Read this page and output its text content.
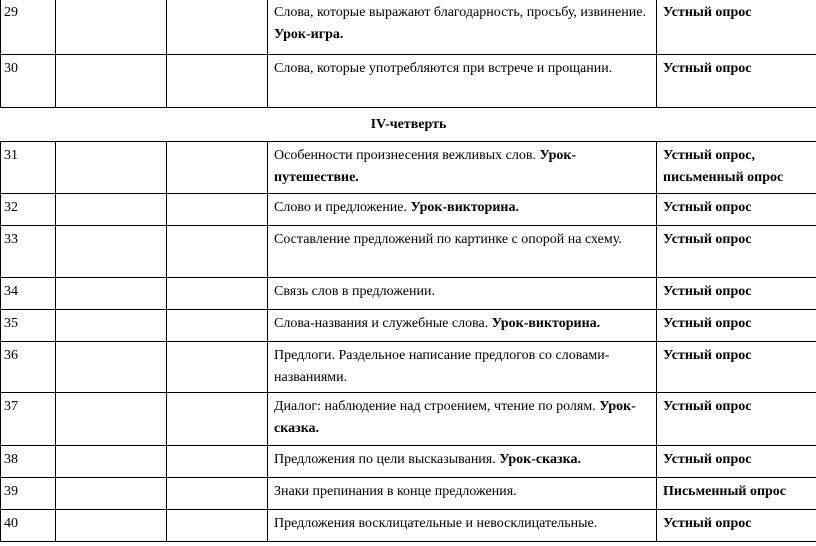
29			Слова, которые выражают благодарность, просьбу, извинение. Урок-игра.	Устный опрос
30			Слова, которые употребляются при встрече и прощании.	Устный опрос
IV-четверть				
31			Особенности произнесения вежливых слов. Урок-путешествие.	Устный опрос, письменный опрос
32			Слово и предложение. Урок-викторина.	Устный опрос
33			Составление предложений по картинке с опорой на схему.	Устный опрос
34			Связь слов в предложении.	Устный опрос
35			Слова-названия и служебные слова. Урок-викторина.	Устный опрос
36			Предлоги. Раздельное написание предлогов со словами-названиями.	Устный опрос
37			Диалог: наблюдение над строением, чтение по ролям. Урок-сказка.	Устный опрос
38			Предложения по цели высказывания. Урок-сказка.	Устный опрос
39			Знаки препинания в конце предложения.	Письменный опрос
40			Предложения восклицательные и невосклицательные.	Устный опрос
